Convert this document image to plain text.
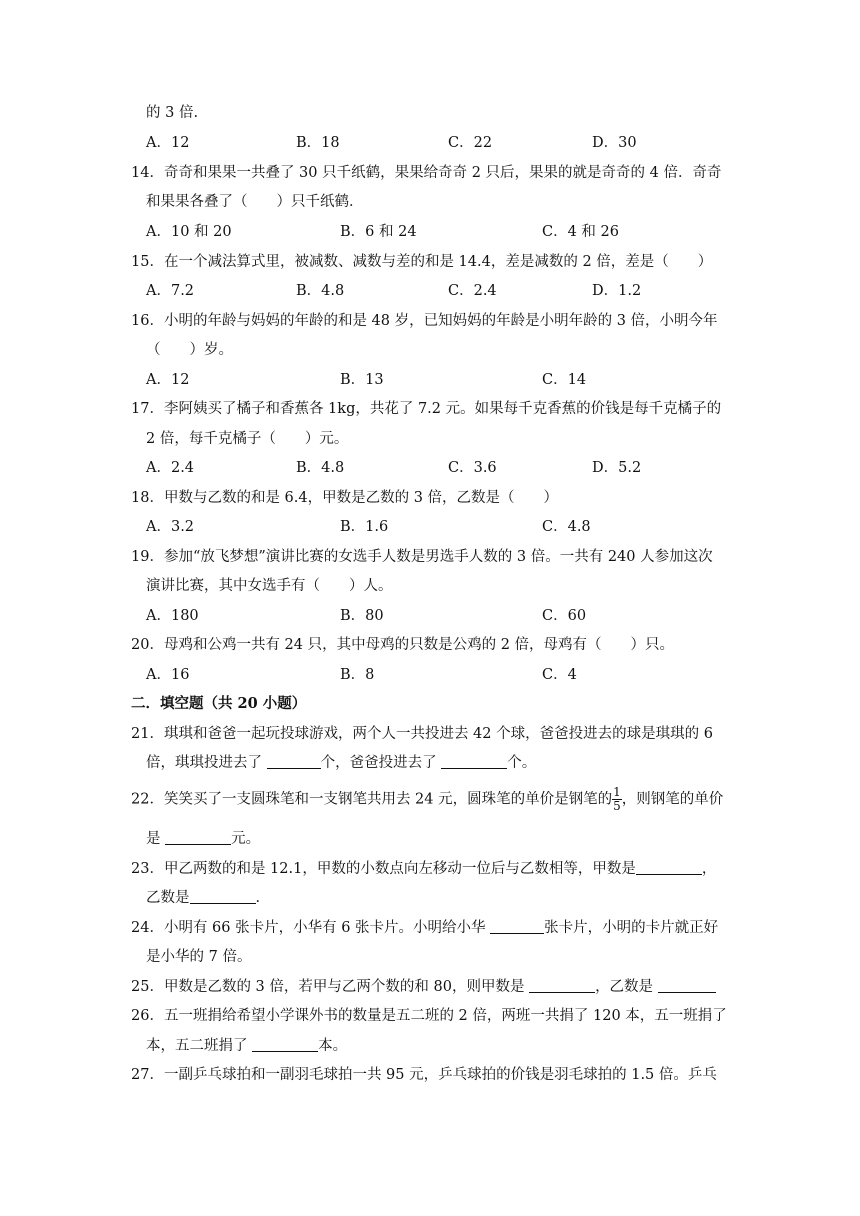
的 3 倍.
A．12	B．18	C．22	D．30
14．奇奇和果果一共叠了 30 只千纸鹤，果果给奇奇 2 只后，果果的就是奇奇的 4 倍．奇奇
和果果各叠了（　　）只千纸鹤．
A．10 和 20	B．6 和 24	C．4 和 26
15．在一个减法算式里，被减数、减数与差的和是 14.4，差是减数的 2 倍，差是（　　）
A．7.2	B．4.8	C．2.4	D．1.2
16．小明的年龄与妈妈的年龄的和是 48 岁，已知妈妈的年龄是小明年龄的 3 倍，小明今年
（　　）岁。
A．12	B．13	C．14
17．李阿姨买了橘子和香蕉各 1kg，共花了 7.2 元。如果每千克香蕉的价钱是每千克橘子的
2 倍，每千克橘子（　　）元。
A．2.4	B．4.8	C．3.6	D．5.2
18．甲数与乙数的和是 6.4，甲数是乙数的 3 倍，乙数是（　　）
A．3.2	B．1.6	C．4.8
19．参加“放飞梦想”演讲比赛的女选手人数是男选手人数的 3 倍。一共有 240 人参加这次
演讲比赛，其中女选手有（　　）人。
A．180	B．80	C．60
20．母鸡和公鸡一共有 24 只，其中母鸡的只数是公鸡的 2 倍，母鸡有（　　）只。
A．16	B．8	C．4
二．填空题（共 20 小题）
21．琪琪和爸爸一起玩投球游戏，两个人一共投进去 42 个球，爸爸投进去的球是琪琪的 6
倍，琪琪投进去了	个，爸爸投进去了	个。
22．笑笑买了一支圆珠笔和一支钢笔共用去 24 元，圆珠笔的单价是钢笔的 $\frac{1}{5}$ ，则钢笔的单价
是	元。
23．甲乙两数的和是 12.1，甲数的小数点向左移动一位后与乙数相等，甲数是	，
乙数是	．
24．小明有 66 张卡片，小华有 6 张卡片。小明给小华	张卡片，小明的卡片就正好
是小华的 7 倍。
25．甲数是乙数的 3 倍，若甲与乙两个数的和 80，则甲数是	，乙数是
26．五一班捐给希望小学课外书的数量是五二班的 2 倍，两班一共捐了 120 本，五一班捐了
本，五二班捐了	本。
27．一副乒乓球拍和一副羽毛球拍一共 95 元，乒乓球拍的价钱是羽毛球拍的 1.5 倍。乒乓
